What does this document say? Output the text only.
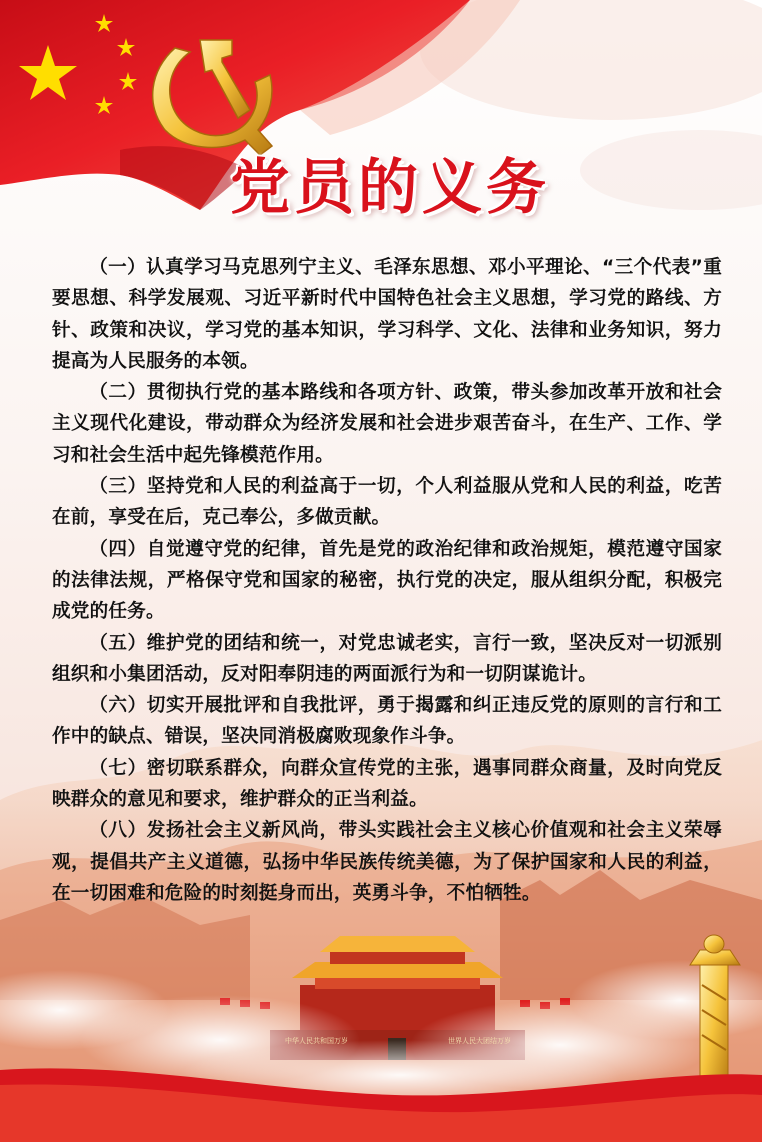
党员的义务
中华人民共和国万岁	世界人民大团结万岁

（一）认真学习马克思列宁主义、毛泽东思想、邓小平理论、“三个代表”重要思想、科学发展观、习近平新时代中国特色社会主义思想，学习党的路线、方针、政策和决议，学习党的基本知识，学习科学、文化、法律和业务知识，努力提高为人民服务的本领。

（二）贯彻执行党的基本路线和各项方针、政策，带头参加改革开放和社会主义现代化建设，带动群众为经济发展和社会进步艰苦奋斗，在生产、工作、学习和社会生活中起先锋模范作用。

（三）坚持党和人民的利益高于一切，个人利益服从党和人民的利益，吃苦在前，享受在后，克己奉公，多做贡献。

（四）自觉遵守党的纪律，首先是党的政治纪律和政治规矩，模范遵守国家的法律法规，严格保守党和国家的秘密，执行党的决定，服从组织分配，积极完成党的任务。

（五）维护党的团结和统一，对党忠诚老实，言行一致，坚决反对一切派别组织和小集团活动，反对阳奉阴违的两面派行为和一切阴谋诡计。

（六）切实开展批评和自我批评，勇于揭露和纠正违反党的原则的言行和工作中的缺点、错误，坚决同消极腐败现象作斗争。

（七）密切联系群众，向群众宣传党的主张，遇事同群众商量，及时向党反映群众的意见和要求，维护群众的正当利益。

（八）发扬社会主义新风尚，带头实践社会主义核心价值观和社会主义荣辱观，提倡共产主义道德，弘扬中华民族传统美德，为了保护国家和人民的利益，在一切困难和危险的时刻挺身而出，英勇斗争，不怕牺牲。
